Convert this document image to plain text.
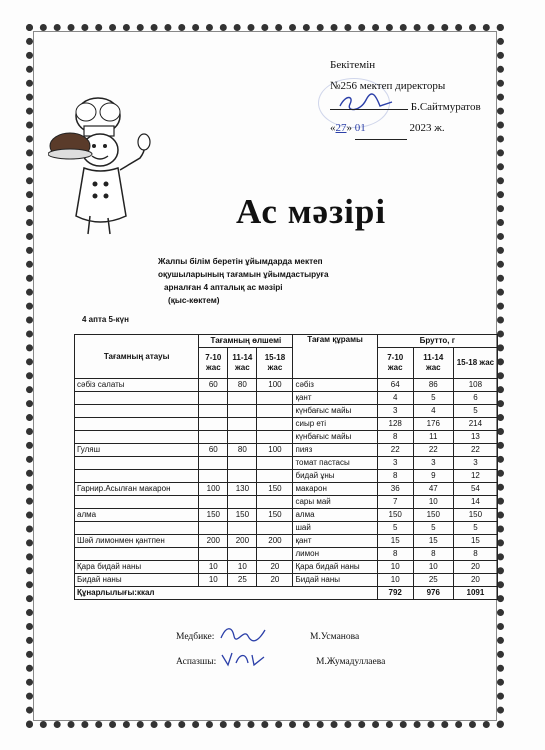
Бекітемін
№256 мектеп директоры
Б.Сайтмуратов
«27» 01	2023 ж.
Ас мәзірі
Жалпы білім беретін ұйымдарда мектеп
оқушыларының тағамын ұйымдастыруға
арналған 4 апталық ас мәзірі
(қыс-көктем)
4 апта 5-күн
Тағамның атауы	Тағамның өлшемі			Тағам құрамы	Брутто, г		
	7-10 жас	11-14 жас	15-18 жас		7-10 жас	11-14 жас	15-18 жас
сәбіз салаты	60	80	100	сәбіз	64	86	108
				қант	4	5	6
				күнбағыс майы	3	4	5
				сиыр еті	128	176	214
				күнбағыс майы	8	11	13
Гуляш	60	80	100	пияз	22	22	22
				томат пастасы	3	3	3
				бидай ұны	8	9	12
Гарнир.Асылған макарон	100	130	150	макарон	36	47	54
				сары май	7	10	14
алма	150	150	150	алма	150	150	150
				шай	5	5	5
Шәй лимонмен қантпен	200	200	200	қант	15	15	15
				лимон	8	8	8
Қара бидай наны	10	10	20	Қара бидай наны	10	10	20
Бидай наны	10	25	20	Бидай наны	10	25	20
Құнарлылығы:ккал					792	976	1091
Медбике:	М.Усманова
Аспазшы:	М.Жумадуллаева
